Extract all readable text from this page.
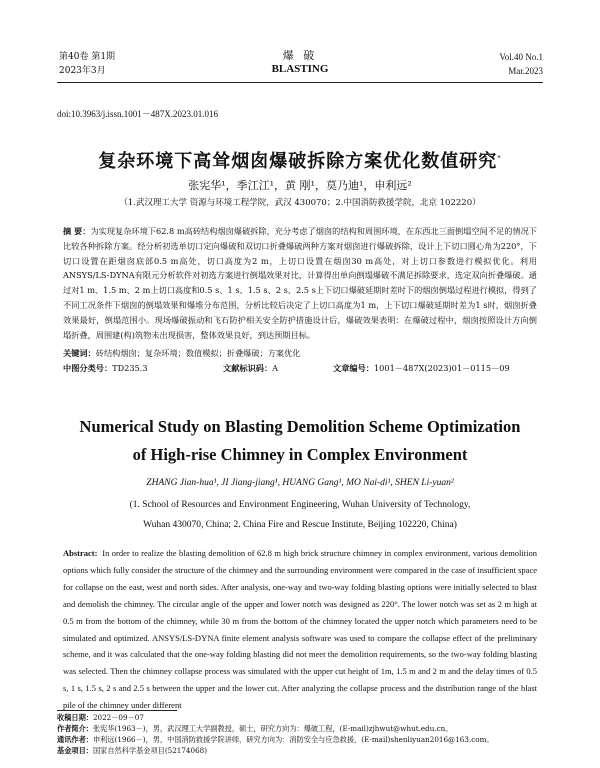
第40卷 第1期
2023年3月
爆 破
BLASTING
Vol.40 No.1
Mar.2023
doi:10.3963/j.issn.1001－487X.2023.01.016
复杂环境下高耸烟囱爆破拆除方案优化数值研究*
张宪华¹，季江江¹，黄 刚¹，莫乃迪¹，申利远²
（1.武汉理工大学 资源与环境工程学院，武汉 430070；2.中国消防救援学院，北京 102220）
摘 要：为实现复杂环境下62.8 m高砖结构烟囱爆破拆除，充分考虑了烟囱的结构和周围环境，在东西北三面倒塌空间不足的情况下比较各种拆除方案。经分析初选单切口定向爆破和双切口折叠爆破两种方案对烟囱进行爆破拆除，设计上下切口圆心角为220°，下切口设置在距烟囱底部0.5 m高处，切口高度为2 m，上切口设置在烟囱30 m高处，对上切口参数进行模拟优化。利用ANSYS/LS-DYNA有限元分析软件对初选方案进行倒塌效果对比，计算得出单向倒塌爆破不满足拆除要求，选定双向折叠爆破。通过对1 m、1.5 m、2 m上切口高度和0.5 s、1 s、1.5 s、2 s、2.5 s上下切口爆破延期时差时下的烟囱倒塌过程进行模拟，得到了不同工况条件下烟囱的倒塌效果和爆堆分布范围，分析比较后决定了上切口高度为1 m，上下切口爆破延期时差为1 s时，烟囱折叠效果最好，倒塌范围小。现场爆破振动和飞石防护相关安全防护措施设计后，爆破效果表明：在爆破过程中，烟囱按照设计方向倒塌折叠，周围建(构)筑物未出现损害，整体效果良好，到达预期目标。
关键词：砖结构烟囱；复杂环境；数值模拟；折叠爆破；方案优化
中图分类号：TD235.3	文献标识码：A	文章编号：1001－487X(2023)01－0115－09
Numerical Study on Blasting Demolition Scheme Optimization
of High-rise Chimney in Complex Environment
ZHANG Jian-hua¹, JI Jiang-jiang¹, HUANG Gang¹, MO Nai-di¹, SHEN Li-yuan²
(1. School of Resources and Environment Engineering, Wuhan University of Technology,
Wuhan 430070, China; 2. China Fire and Rescue Institute, Beijing 102220, China)
Abstract: In order to realize the blasting demolition of 62.8 m high brick structure chimney in complex environment, various demolition options which fully consider the structure of the chimney and the surrounding environment were compared in the case of insufficient space for collapse on the east, west and north sides. After analysis, one-way and two-way folding blasting options were initially selected to blast and demolish the chimney. The circular angle of the upper and lower notch was designed as 220°. The lower notch was set as 2 m high at 0.5 m from the bottom of the chimney, while 30 m from the bottom of the chimney located the upper notch which parameters need to be simulated and optimized. ANSYS/LS-DYNA finite element analysis software was used to compare the collapse effect of the preliminary scheme, and it was calculated that the one-way folding blasting did not meet the demolition requirements, so the two-way folding blasting was selected. Then the chimney collapse process was simulated with the upper cut height of 1m, 1.5 m and 2 m and the delay times of 0.5 s, 1 s, 1.5 s, 2 s and 2.5 s between the upper and the lower cut. After analyzing the collapse process and the distribution range of the blast pile of the chimney under different
收稿日期：2022－09－07
作者简介：张宪华(1963－)，男，武汉理工大学副教授，硕士，研究方向为：爆破工程，(E-mail)zjhwut@whut.edu.cn。
通讯作者：申利远(1966－)，男，中国消防救援学院讲师，研究方向为：消防安全与应急救援，(E-mail)shenliyuan2016@163.com。
基金项目：国家自然科学基金项目(52174068)
